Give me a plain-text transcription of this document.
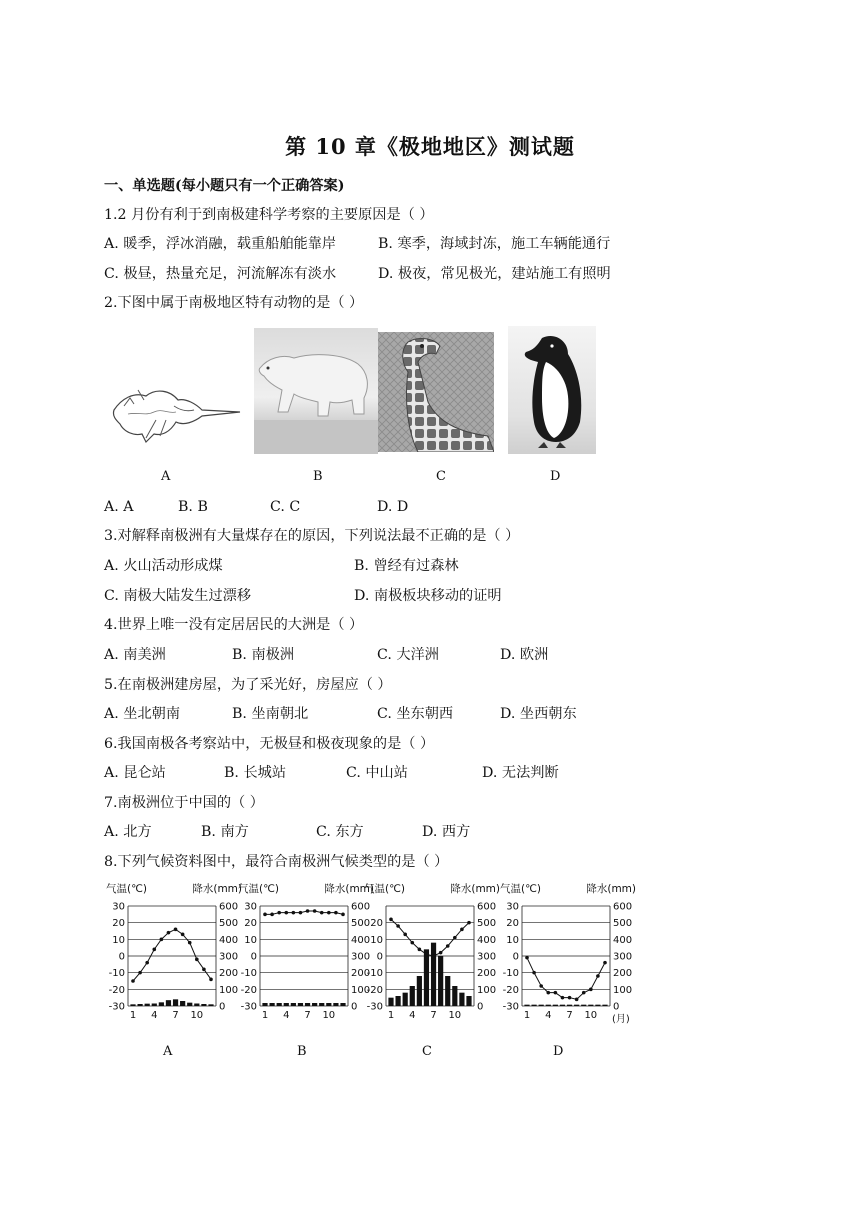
第 10 章《极地地区》测试题
一、单选题(每小题只有一个正确答案)
1.2 月份有利于到南极建科学考察的主要原因是（ ）
A. 暖季，浮冰消融，载重船舶能靠岸	B. 寒季，海域封冻，施工车辆能通行
C. 极昼，热量充足，河流解冻有淡水	D. 极夜，常见极光，建站施工有照明
2.下图中属于南极地区特有动物的是（ ）
A	B	C	D
A. A	B. B	C. C	D. D
3.对解释南极洲有大量煤存在的原因，下列说法最不正确的是（ ）
A. 火山活动形成煤	B. 曾经有过森林
C. 南极大陆发生过漂移	D. 南极板块移动的证明
4.世界上唯一没有定居居民的大洲是（ ）
A. 南美洲	B. 南极洲	C. 大洋洲	D. 欧洲
5.在南极洲建房屋，为了采光好，房屋应（ ）
A. 坐北朝南	B. 坐南朝北	C. 坐东朝西	D. 坐西朝东
6.我国南极各考察站中，无极昼和极夜现象的是（ ）
A. 昆仑站	B. 长城站	C. 中山站	D. 无法判断
7.南极洲位于中国的（ ）
A. 北方	B. 南方	C. 东方	D. 西方
8.下列气候资料图中，最符合南极洲气候类型的是（ ）
气温(℃)	降水(mm)
30
20
10
0
-10
-20
-30
600
500
400
300
200
100
0
1 4 7 10
气温(℃)	降水(mm)
30
20
10
0
-10
-20
-30
600
500
400
300
200
100
0
1 4 7 10
气温(℃)	降水(mm)
20
10
0
-10
-20
-30
600
500
400
300
200
100
0
1 4 7 10
气温(℃)	降水(mm)
30
20
10
0
-10
-20
-30
600
500
400
300
200
100
0
1 4 7 10 (月)
A	B	C	D
